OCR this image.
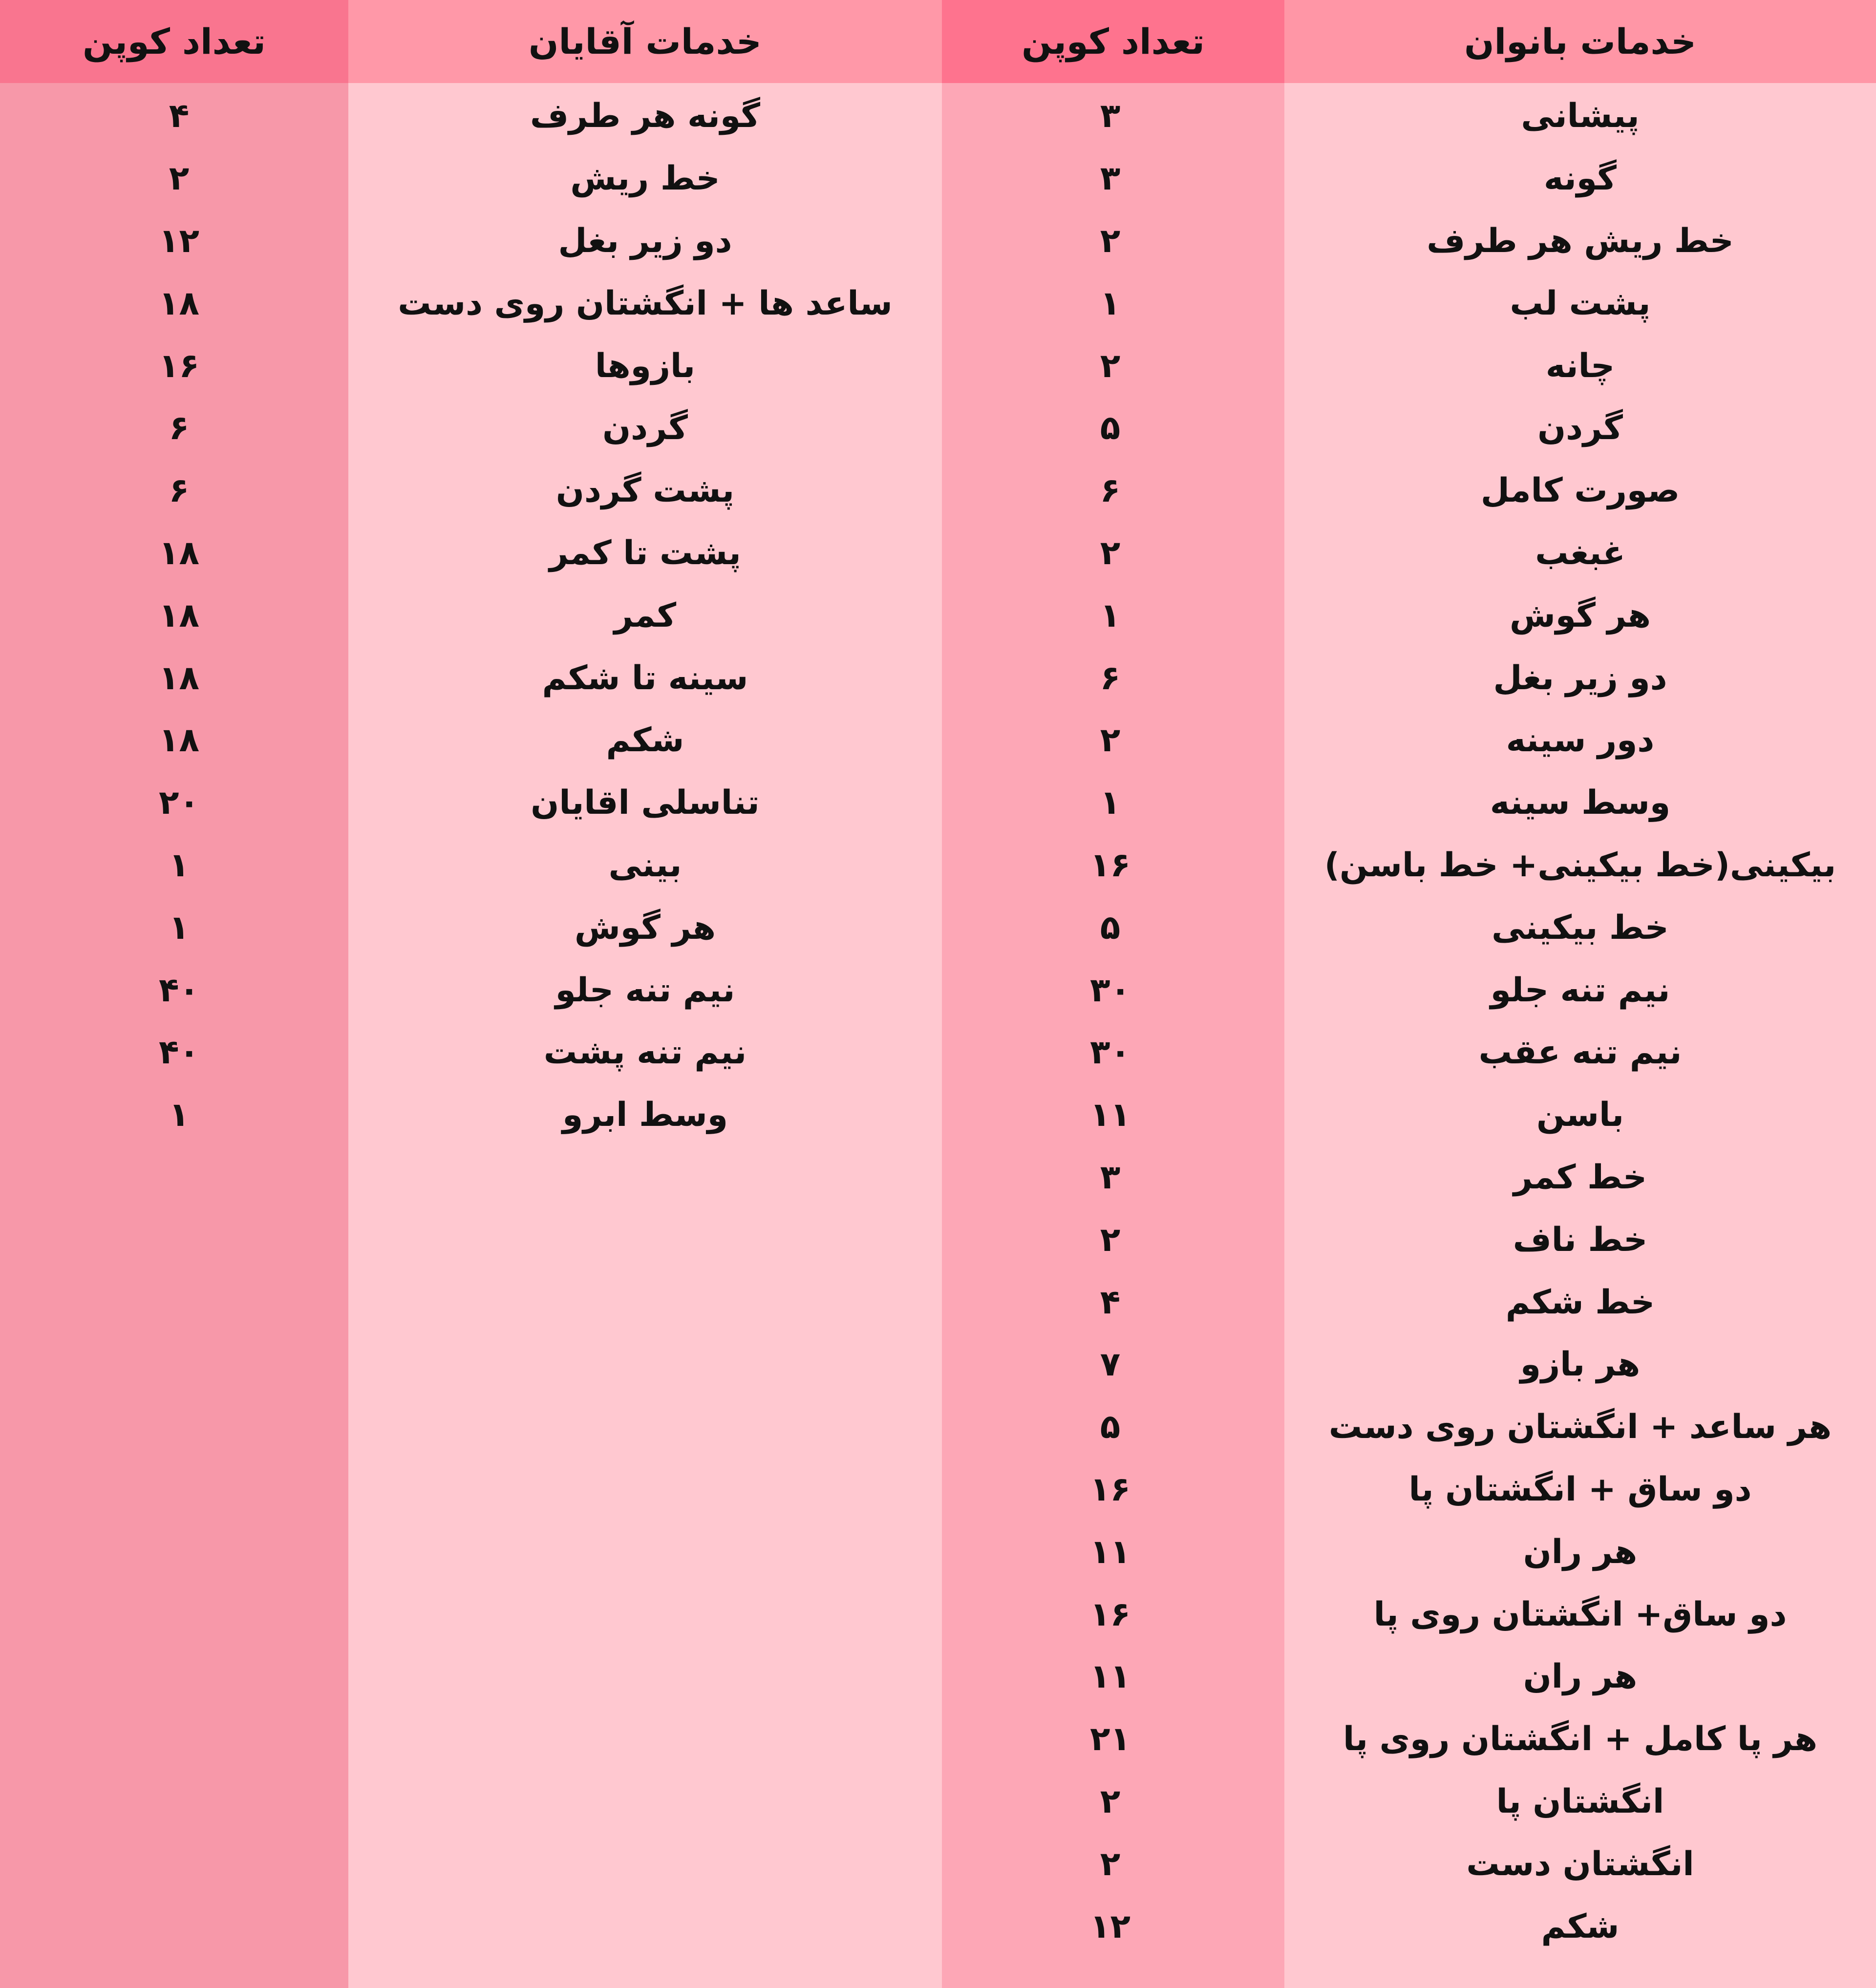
تعداد کوپن
۴
۲
۱۲
۱۸
۱۶
۶
۶
۱۸
۱۸
۱۸
۱۸
۲۰
۱
۱
۴۰
۴۰
۱
خدمات آقایان
گونه هر طرف
خط ریش
دو زیر بغل
ساعد ها + انگشتان روی دست
بازوها
گردن
پشت گردن
پشت تا کمر
کمر
سینه تا شکم
شکم
تناسلی اقایان
بینی
هر گوش
نیم تنه جلو
نیم تنه پشت
وسط ابرو
تعداد کوپن
۳
۳
۲
۱
۲
۵
۶
۲
۱
۶
۲
۱
۱۶
۵
۳۰
۳۰
۱۱
۳
۲
۴
۷
۵
۱۶
۱۱
۱۶
۱۱
۲۱
۲
۲
۱۲
خدمات بانوان
پیشانی
گونه
خط ریش هر طرف
پشت لب
چانه
گردن
صورت کامل
غبغب
هر گوش
دو زیر بغل
دور سینه
وسط سینه
بیکینی(خط بیکینی+ خط باسن)
خط بیکینی
نیم تنه جلو
نیم تنه عقب
باسن
خط کمر
خط ناف
خط شکم
هر بازو
هر ساعد + انگشتان روی دست
دو ساق + انگشتان پا
هر ران
دو ساق+ انگشتان روی پا
هر ران
هر پا کامل + انگشتان روی پا
انگشتان پا
انگشتان دست
شکم
